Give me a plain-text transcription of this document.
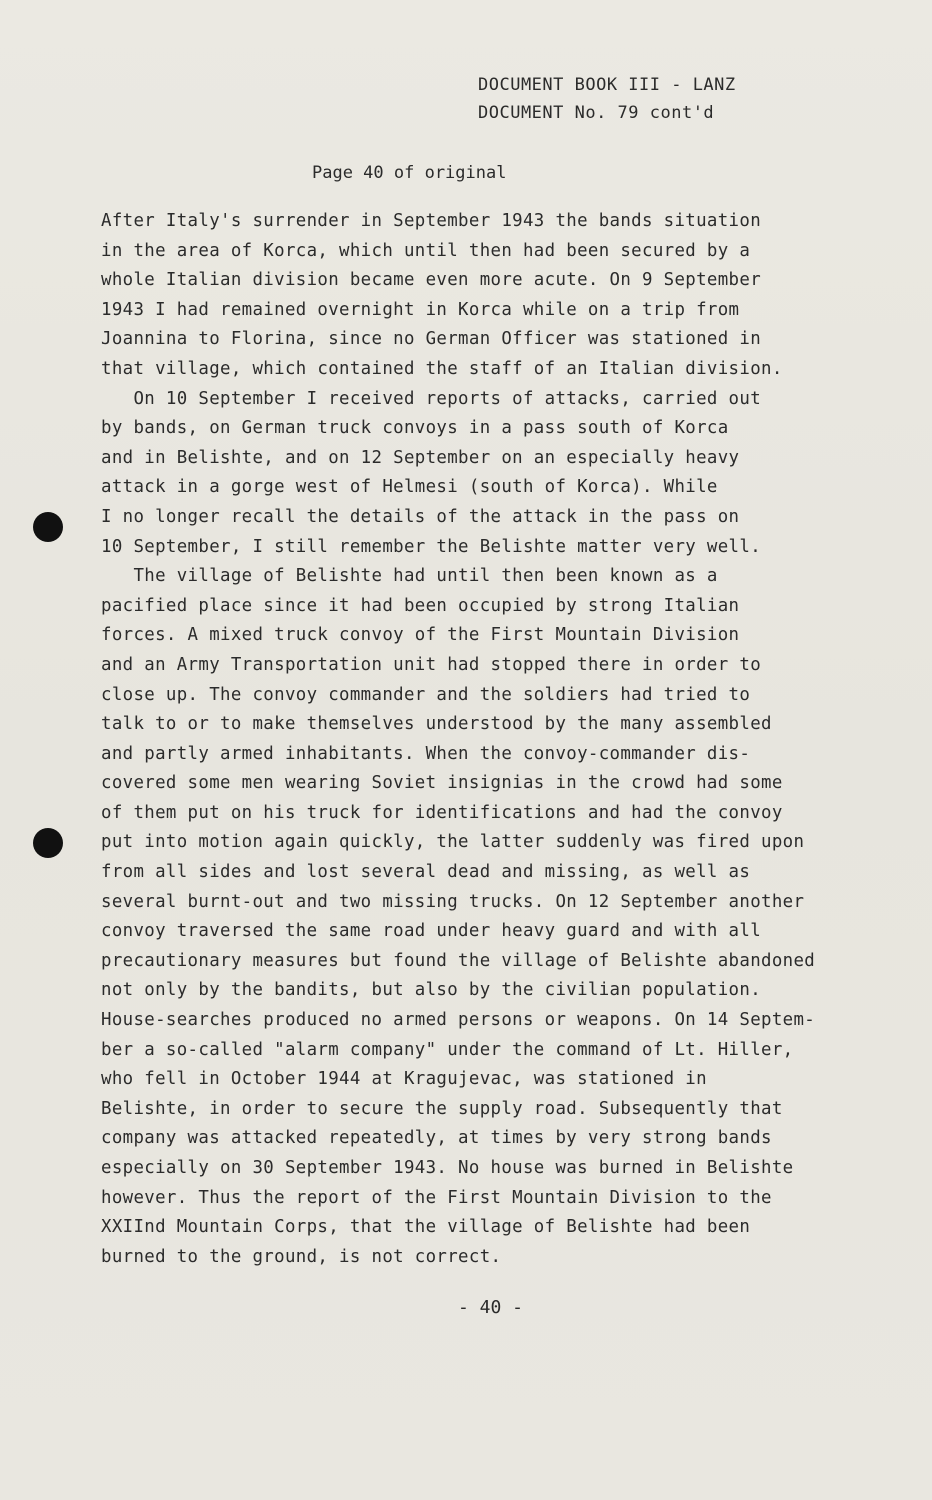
DOCUMENT BOOK III - LANZ
DOCUMENT No. 79 cont'd
Page 40 of original
After Italy's surrender in September 1943 the bands situation
in the area of Korca, which until then had been secured by a
whole Italian division became even more acute. On 9 September
1943 I had remained overnight in Korca while on a trip from
Joannina to Florina, since no German Officer was stationed in
that village, which contained the staff of an Italian division.
On 10 September I received reports of attacks, carried out
by bands, on German truck convoys in a pass south of Korca
and in Belishte, and on 12 September on an especially heavy
attack in a gorge west of Helmesi (south of Korca). While
I no longer recall the details of the attack in the pass on
10 September, I still remember the Belishte matter very well.
The village of Belishte had until then been known as a
pacified place since it had been occupied by strong Italian
forces. A mixed truck convoy of the First Mountain Division
and an Army Transportation unit had stopped there in order to
close up. The convoy commander and the soldiers had tried to
talk to or to make themselves understood by the many assembled
and partly armed inhabitants. When the convoy-commander dis-
covered some men wearing Soviet insignias in the crowd had some
of them put on his truck for identifications and had the convoy
put into motion again quickly, the latter suddenly was fired upon
from all sides and lost several dead and missing, as well as
several burnt-out and two missing trucks. On 12 September another
convoy traversed the same road under heavy guard and with all
precautionary measures but found the village of Belishte abandoned
not only by the bandits, but also by the civilian population.
House-searches produced no armed persons or weapons. On 14 Septem-
ber a so-called "alarm company" under the command of Lt. Hiller,
who fell in October 1944 at Kragujevac, was stationed in
Belishte, in order to secure the supply road. Subsequently that
company was attacked repeatedly, at times by very strong bands
especially on 30 September 1943. No house was burned in Belishte
however. Thus the report of the First Mountain Division to the
XXIInd Mountain Corps, that the village of Belishte had been
burned to the ground, is not correct.
- 40 -
